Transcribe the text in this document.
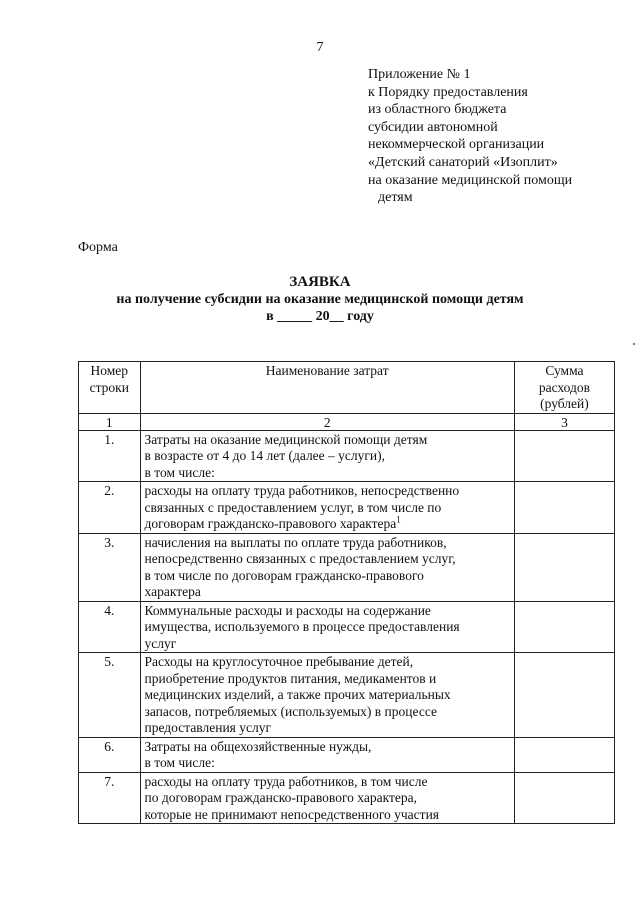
7
Приложение № 1
к Порядку предоставления
из областного бюджета
субсидии автономной
некоммерческой организации
«Детский санаторий «Изоплит»
на оказание медицинской помощи
детям
Форма
ЗАЯВКА
на получение субсидии на оказание медицинской помощи детям
в _____ 20__ году
Номер строки	Наименование затрат	Сумма расходов (рублей)
1	2	3
1.	Затраты на оказание медицинской помощи детям
в возрасте от 4 до 14 лет (далее – услуги),
в том числе:	

2.	расходы на оплату труда работников, непосредственно
связанных с предоставлением услуг, в том числе по
договорам гражданско-правового характера$^1$

3.	начисления на выплаты по оплате труда работников,
непосредственно связанных с предоставлением услуг,
в том числе по договорам гражданско-правового
характера	

4.	Коммунальные расходы и расходы на содержание
имущества, используемого в процессе предоставления
услуг	

5.	Расходы на круглосуточное пребывание детей,
приобретение продуктов питания, медикаментов и
медицинских изделий, а также прочих материальных
запасов, потребляемых (используемых) в процессе
предоставления услуг	

6.	Затраты на общехозяйственные нужды,
в том числе:	

7.	расходы на оплату труда работников, в том числе
по договорам гражданско-правового характера,
которые не принимают непосредственного участия	
